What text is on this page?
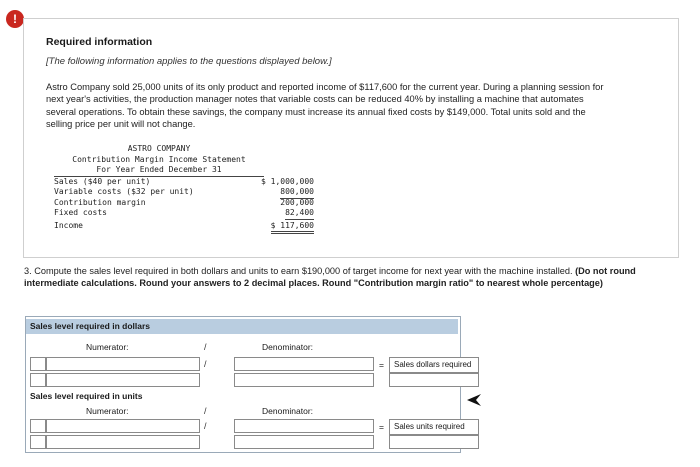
!
Required information
[The following information applies to the questions displayed below.]
Astro Company sold 25,000 units of its only product and reported income of $117,600 for the current year. During a planning session for next year's activities, the production manager notes that variable costs can be reduced 40% by installing a machine that automates several operations. To obtain these savings, the company must increase its annual fixed costs by $149,000. Total units sold and the selling price per unit will not change.
ASTRO COMPANY
Contribution Margin Income Statement
For Year Ended December 31
Sales ($40 per unit)	$ 1,000,000
Variable costs ($32 per unit)	800,000
Contribution margin	200,000
Fixed costs	82,400
Income	$ 117,600
3. Compute the sales level required in both dollars and units to earn $190,000 of target income for next year with the machine installed. (Do not round intermediate calculations. Round your answers to 2 decimal places. Round "Contribution margin ratio" to nearest whole percentage)
Sales level required in dollars
Numerator:	/	Denominator:
/	=	Sales dollars required
Sales level required in units
Numerator:	/	Denominator:
/	=	Sales units required
